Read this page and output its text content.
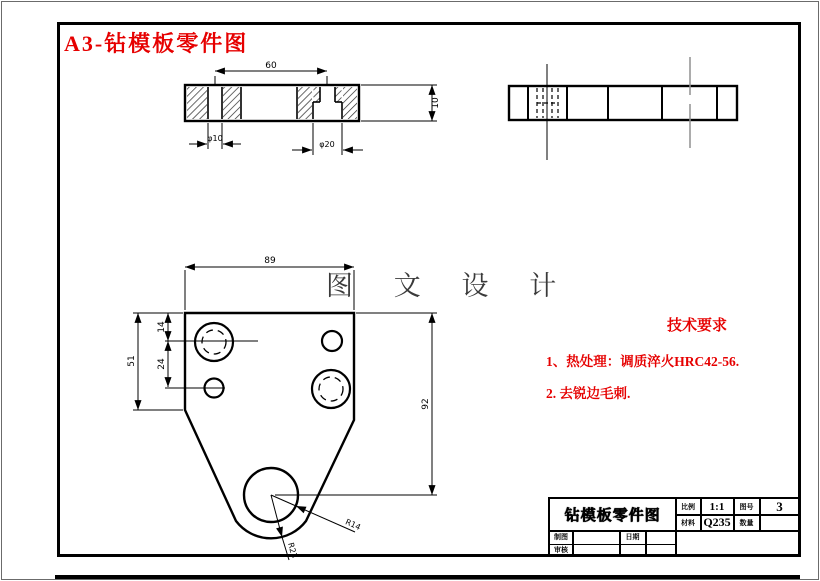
A3-钻模板零件图
图 文 设 计
60
10
φ10
φ20
89
51
14
24
92
R14
R23
技术要求
1、热处理：调质淬火HRC42-56.
2. 去锐边毛刺.
钻模板零件图
比例	1:1	图号	3
材料 Q235	数量
制图	日期
审核
